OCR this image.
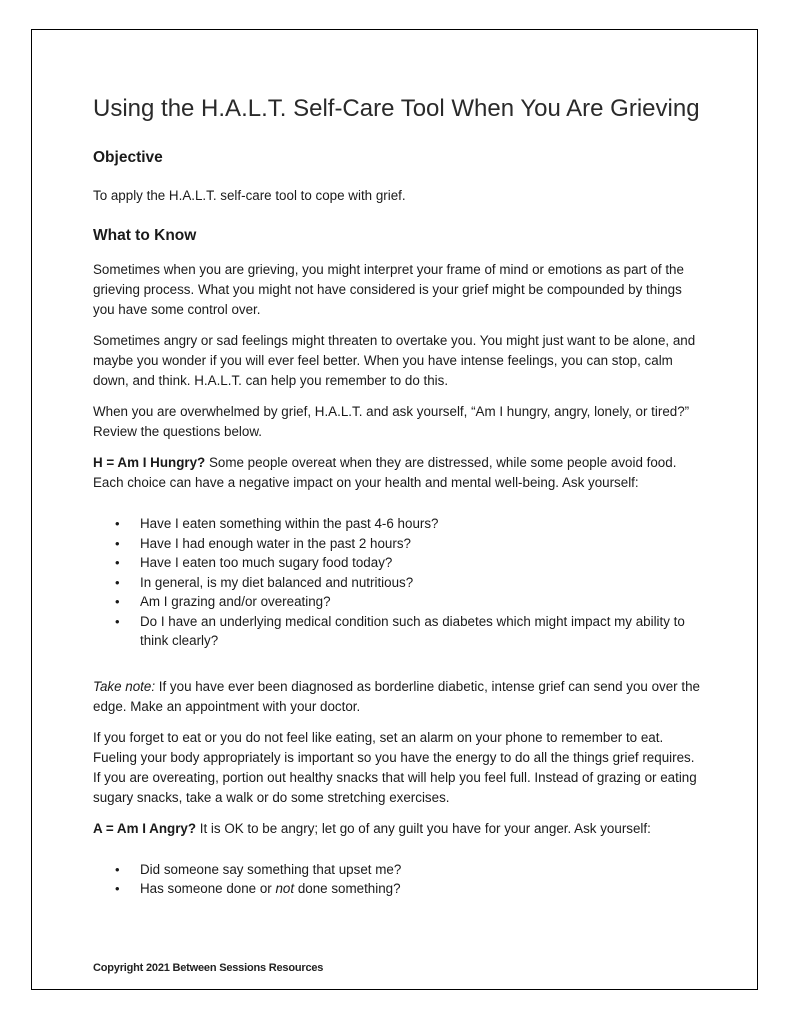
Using the H.A.L.T. Self-Care Tool When You Are Grieving
Objective

To apply the H.A.L.T. self-care tool to cope with grief.

What to Know

Sometimes when you are grieving, you might interpret your frame of mind or emotions as part of the grieving process. What you might not have considered is your grief might be compounded by things you have some control over.

Sometimes angry or sad feelings might threaten to overtake you. You might just want to be alone, and maybe you wonder if you will ever feel better. When you have intense feelings, you can stop, calm down, and think. H.A.L.T. can help you remember to do this.

When you are overwhelmed by grief, H.A.L.T. and ask yourself, “Am I hungry, angry, lonely, or tired?” Review the questions below.

H = Am I Hungry? Some people overeat when they are distressed, while some people avoid food. Each choice can have a negative impact on your health and mental well-being. Ask yourself:

• Have I eaten something within the past 4-6 hours?
• Have I had enough water in the past 2 hours?
• Have I eaten too much sugary food today?
• In general, is my diet balanced and nutritious?
• Am I grazing and/or overeating?
• Do I have an underlying medical condition such as diabetes which might impact my ability to think clearly?

Take note: If you have ever been diagnosed as borderline diabetic, intense grief can send you over the edge. Make an appointment with your doctor.

If you forget to eat or you do not feel like eating, set an alarm on your phone to remember to eat. Fueling your body appropriately is important so you have the energy to do all the things grief requires. If you are overeating, portion out healthy snacks that will help you feel full. Instead of grazing or eating sugary snacks, take a walk or do some stretching exercises.

A = Am I Angry? It is OK to be angry; let go of any guilt you have for your anger. Ask yourself:

• Did someone say something that upset me?
• Has someone done or not done something?
Copyright 2021 Between Sessions Resources
